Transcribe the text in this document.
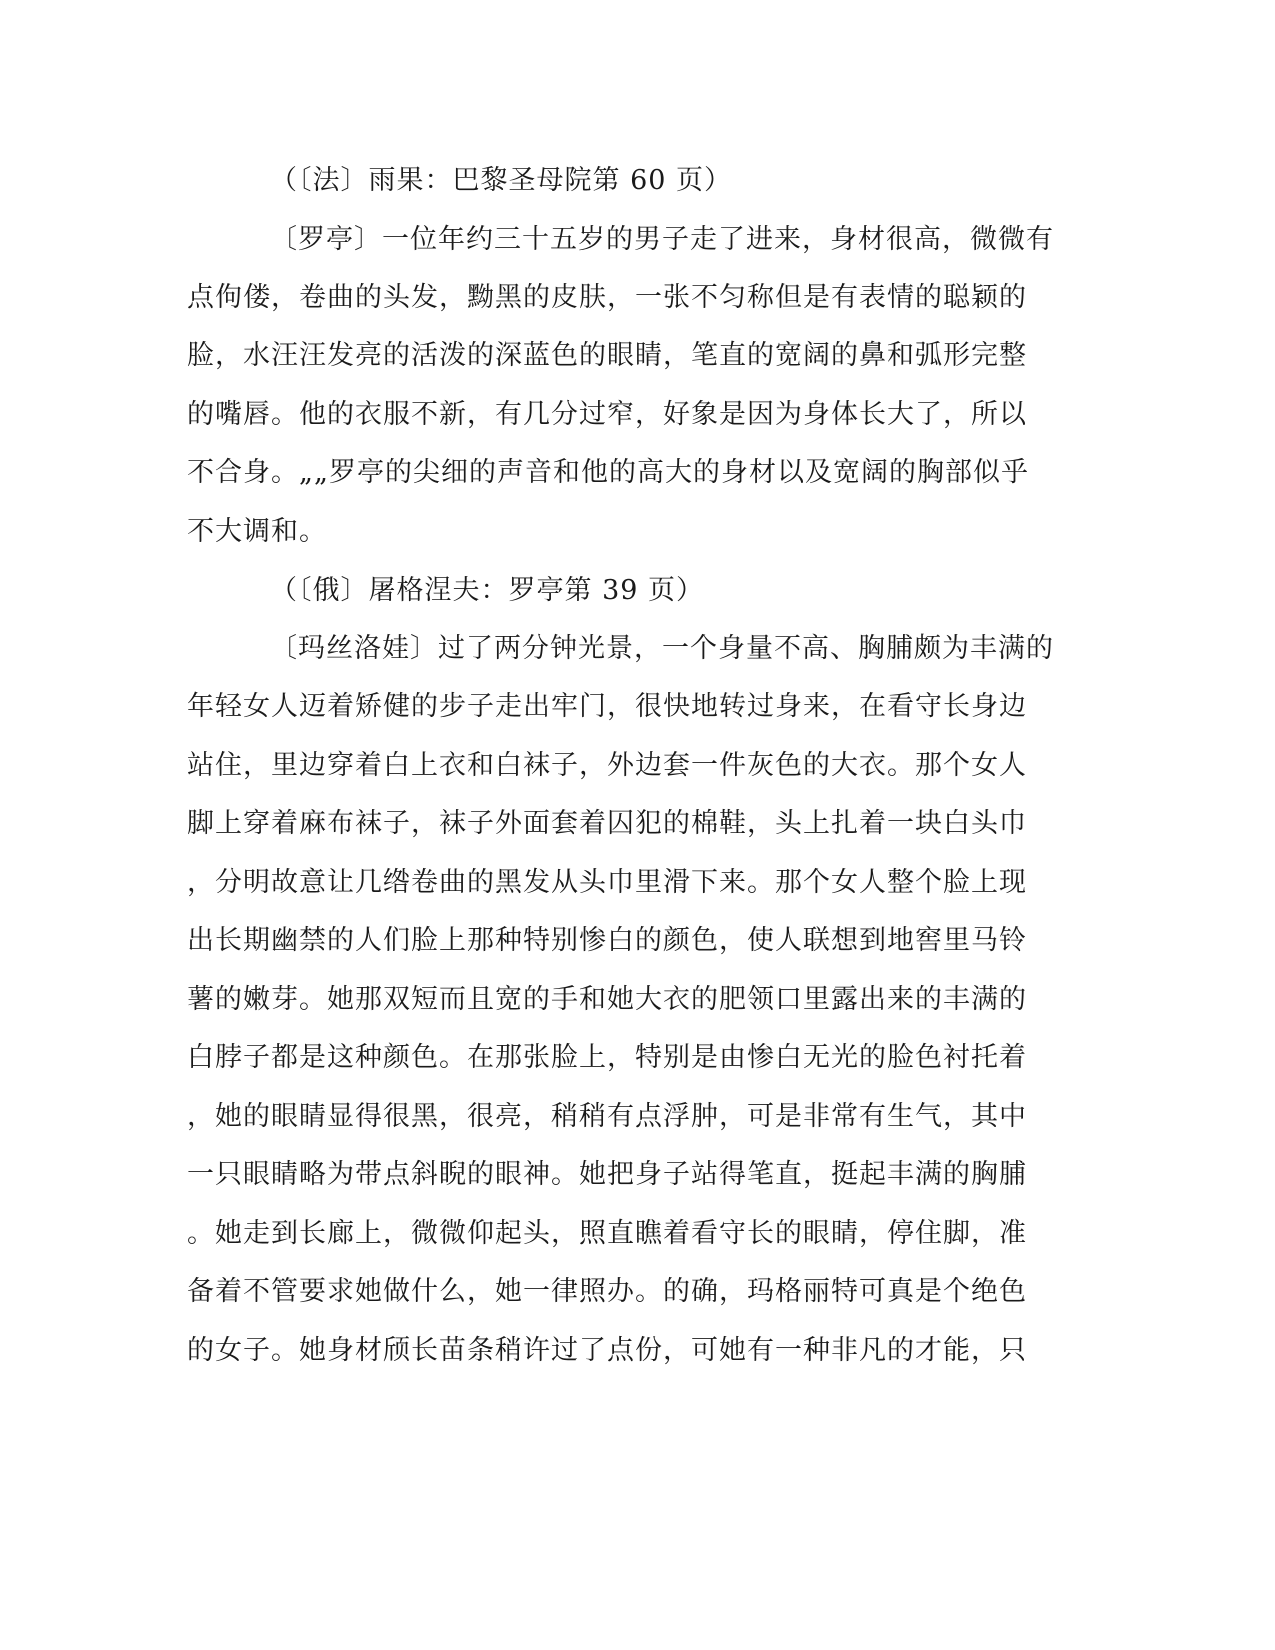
（〔法〕雨果：巴黎圣母院第 60 页）
〔罗亭〕一位年约三十五岁的男子走了进来，身材很高，微微有
点佝偻，卷曲的头发，黝黑的皮肤，一张不匀称但是有表情的聪颖的
脸，水汪汪发亮的活泼的深蓝色的眼睛，笔直的宽阔的鼻和弧形完整
的嘴唇。他的衣服不新，有几分过窄，好象是因为身体长大了，所以
不合身。„„罗亭的尖细的声音和他的高大的身材以及宽阔的胸部似乎
不大调和。
（〔俄〕屠格涅夫：罗亭第 39 页）
〔玛丝洛娃〕过了两分钟光景，一个身量不高、胸脯颇为丰满的
年轻女人迈着矫健的步子走出牢门，很快地转过身来，在看守长身边
站住，里边穿着白上衣和白袜子，外边套一件灰色的大衣。那个女人
脚上穿着麻布袜子，袜子外面套着囚犯的棉鞋，头上扎着一块白头巾
，分明故意让几绺卷曲的黑发从头巾里滑下来。那个女人整个脸上现
出长期幽禁的人们脸上那种特别惨白的颜色，使人联想到地窖里马铃
薯的嫩芽。她那双短而且宽的手和她大衣的肥领口里露出来的丰满的
白脖子都是这种颜色。在那张脸上，特别是由惨白无光的脸色衬托着
，她的眼睛显得很黑，很亮，稍稍有点浮肿，可是非常有生气，其中
一只眼睛略为带点斜睨的眼神。她把身子站得笔直，挺起丰满的胸脯
。她走到长廊上，微微仰起头，照直瞧着看守长的眼睛，停住脚，准
备着不管要求她做什么，她一律照办。的确，玛格丽特可真是个绝色
的女子。她身材颀长苗条稍许过了点份，可她有一种非凡的才能，只
